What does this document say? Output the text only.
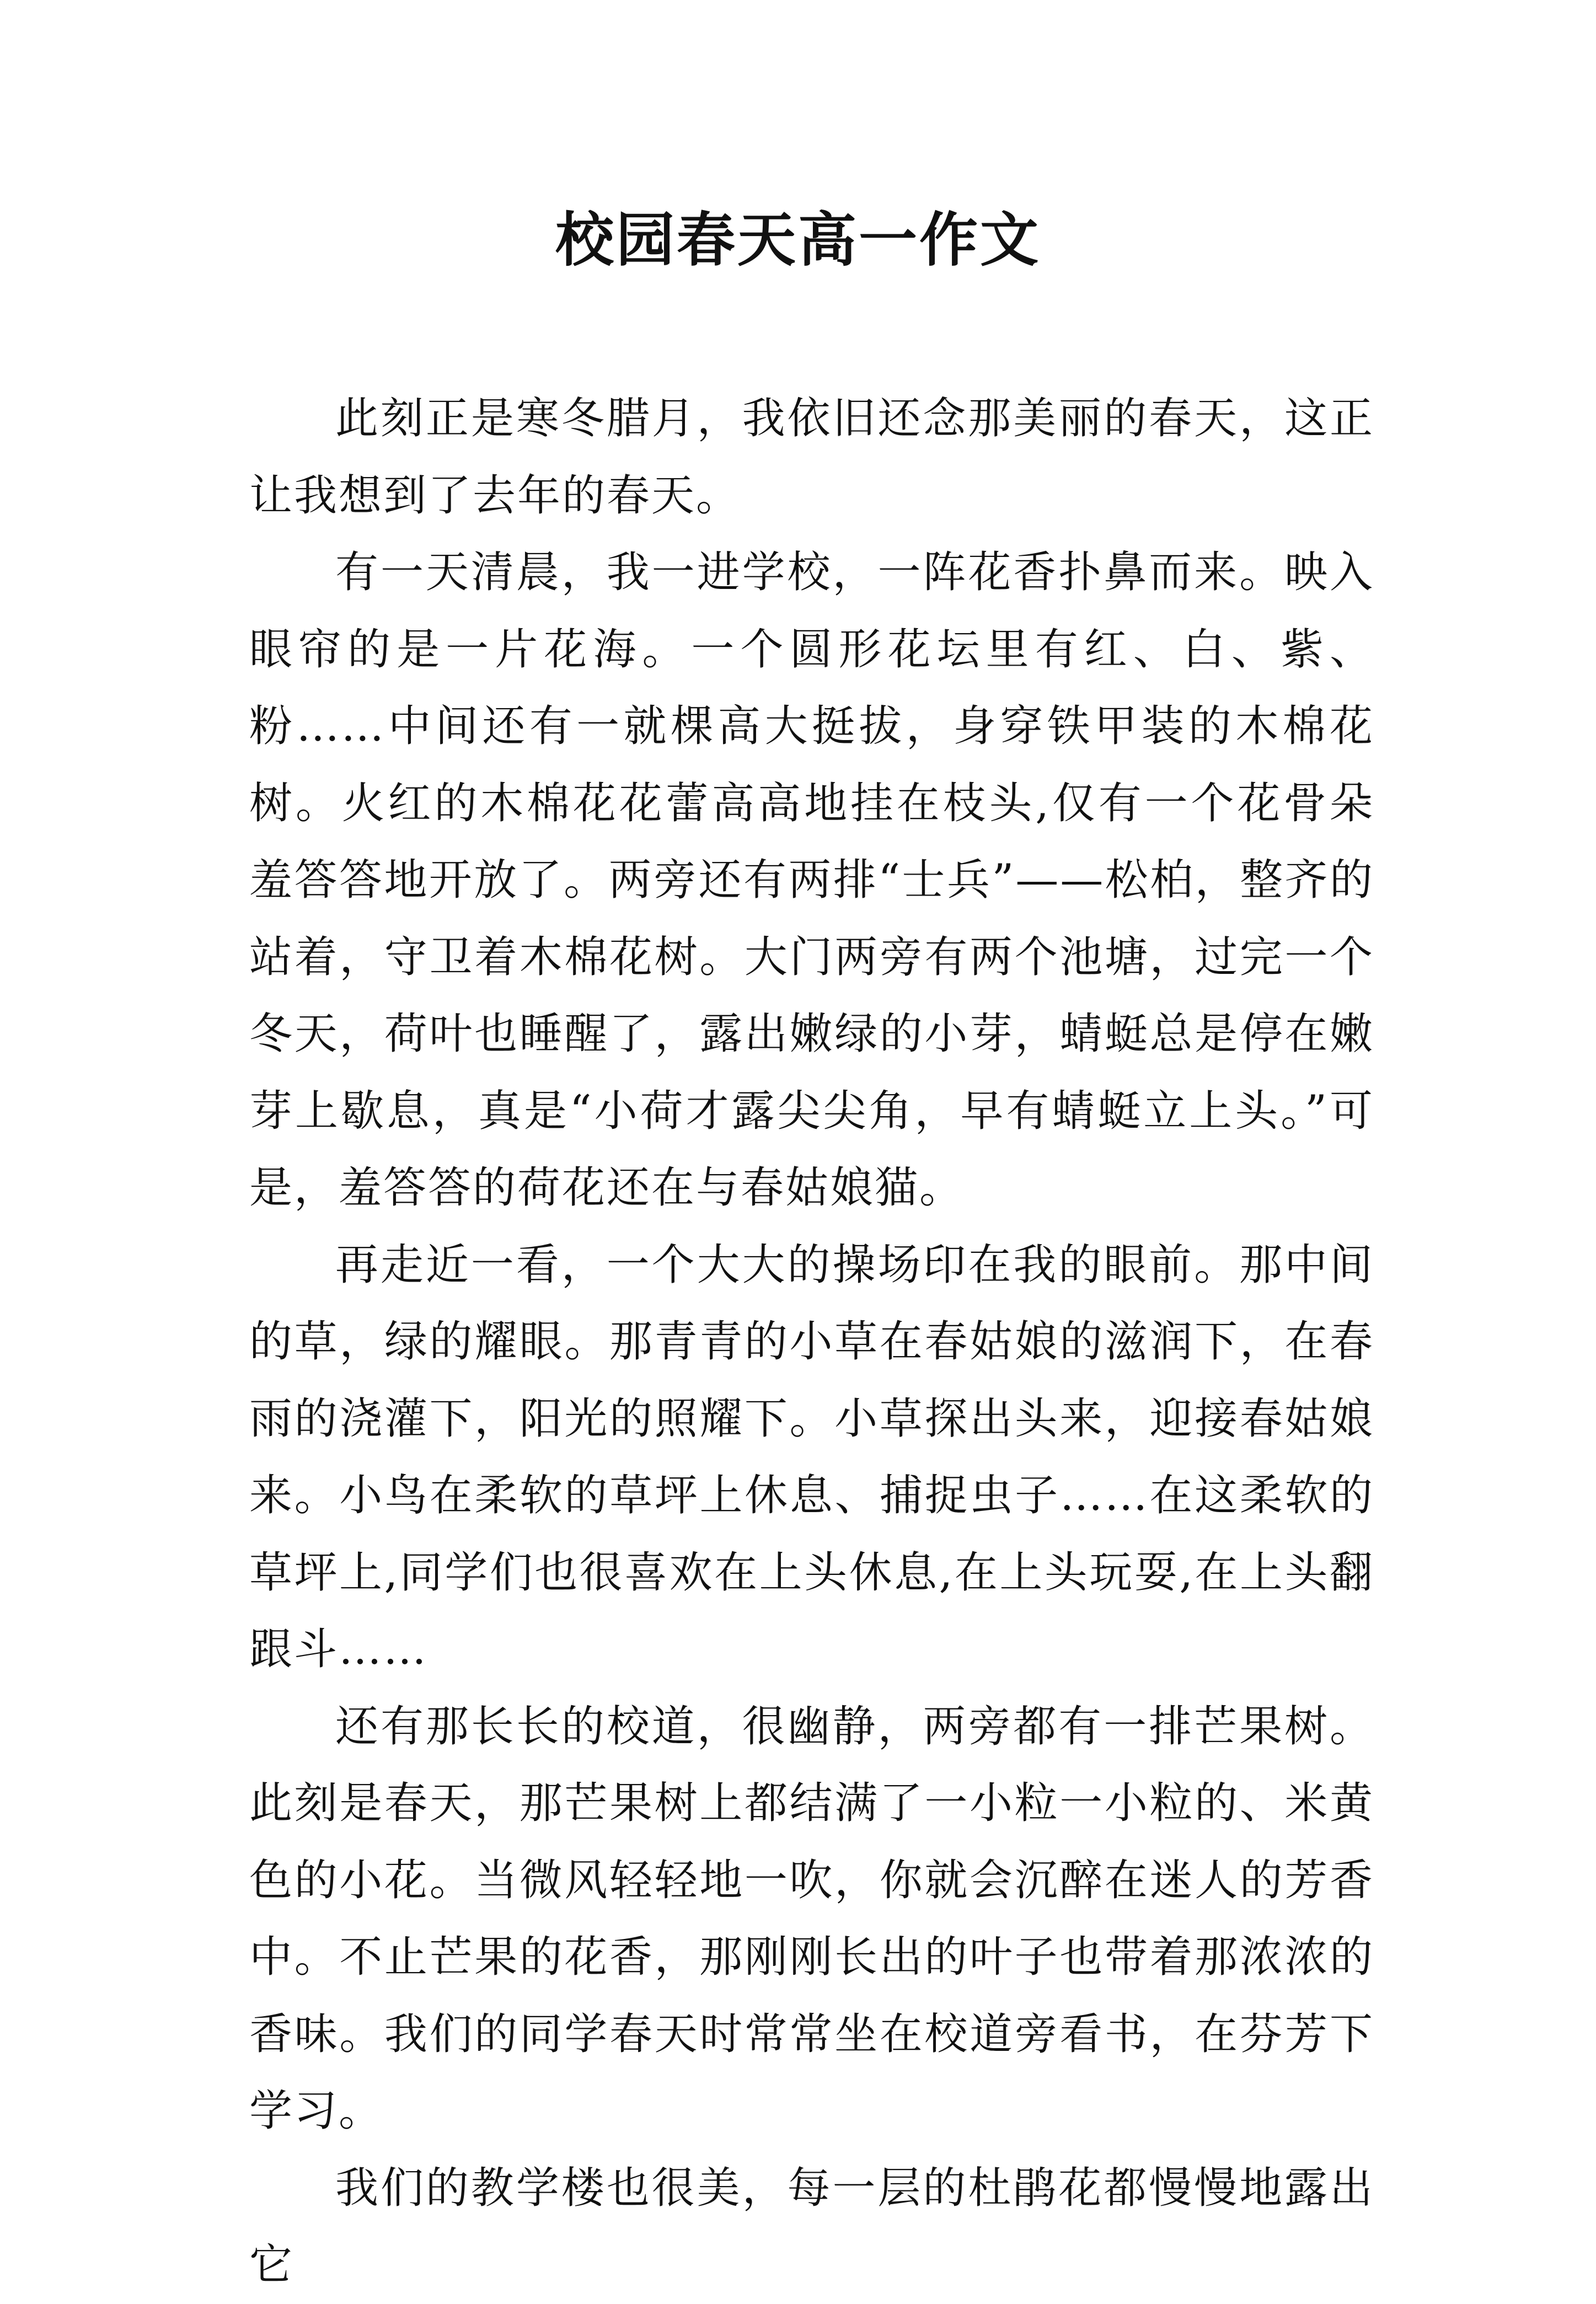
校园春天高一作文

此刻正是寒冬腊月，我依旧还念那美丽的春天，这正让我想到了去年的春天。

有一天清晨，我一进学校，一阵花香扑鼻而来。映入眼帘的是一片花海。一个圆形花坛里有红、白、紫、粉……中间还有一就棵高大挺拔，身穿铁甲装的木棉花树。火红的木棉花花蕾高高地挂在枝头,仅有一个花骨朵羞答答地开放了。两旁还有两排“士兵”——松柏，整齐的站着，守卫着木棉花树。大门两旁有两个池塘，过完一个冬天，荷叶也睡醒了，露出嫩绿的小芽，蜻蜓总是停在嫩芽上歇息，真是“小荷才露尖尖角，早有蜻蜓立上头。”可是，羞答答的荷花还在与春姑娘猫。

再走近一看，一个大大的操场印在我的眼前。那中间的草，绿的耀眼。那青青的小草在春姑娘的滋润下，在春雨的浇灌下，阳光的照耀下。小草探出头来，迎接春姑娘来。小鸟在柔软的草坪上休息、捕捉虫子……在这柔软的草坪上,同学们也很喜欢在上头休息,在上头玩耍,在上头翻跟斗……

还有那长长的校道，很幽静，两旁都有一排芒果树。此刻是春天，那芒果树上都结满了一小粒一小粒的、米黄色的小花。当微风轻轻地一吹，你就会沉醉在迷人的芳香中。不止芒果的花香，那刚刚长出的叶子也带着那浓浓的香味。我们的同学春天时常常坐在校道旁看书，在芬芳下学习。

我们的教学楼也很美，每一层的杜鹃花都慢慢地露出它
